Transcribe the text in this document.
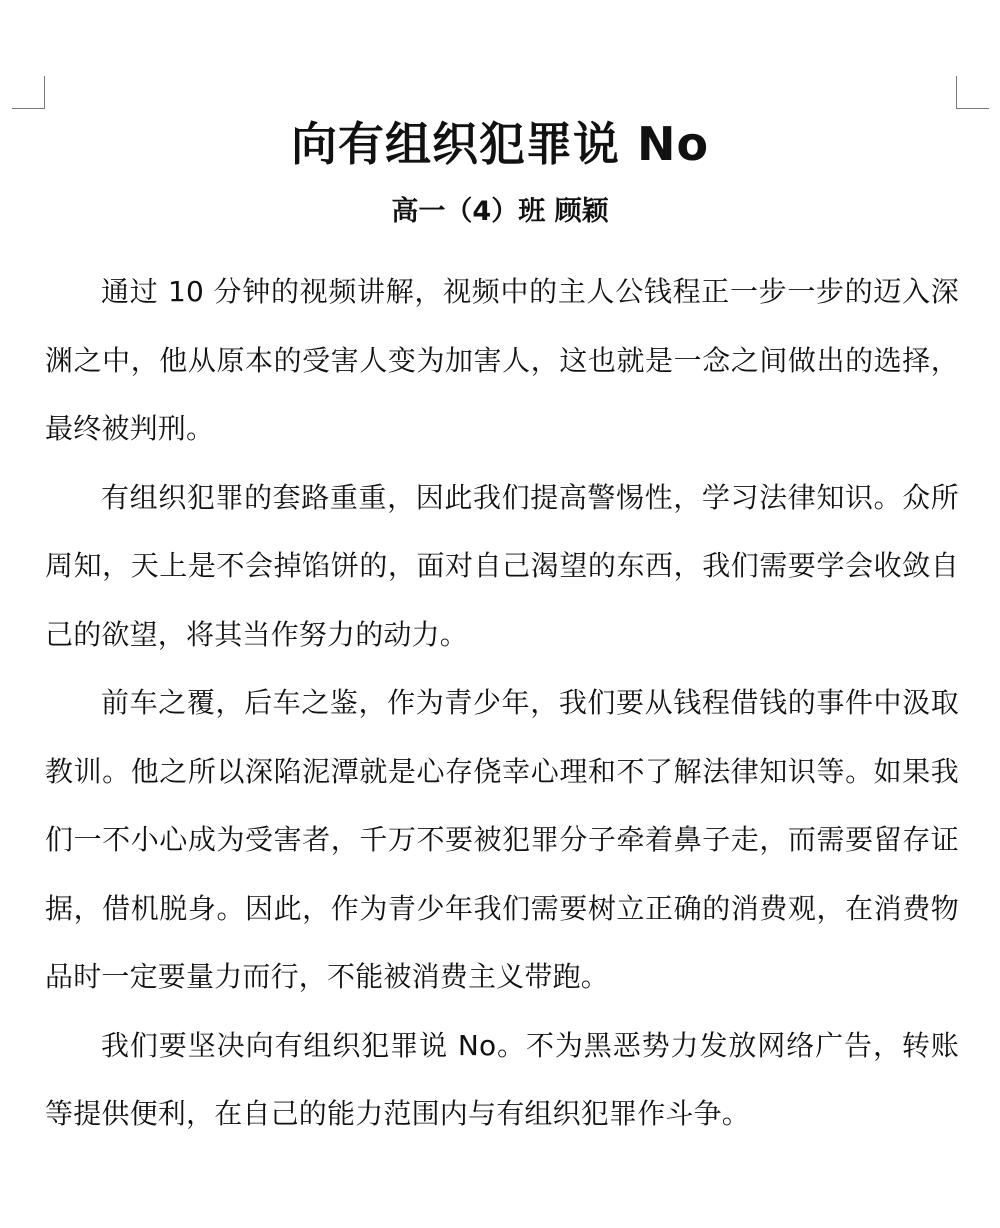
向有组织犯罪说 No
高一（4）班 顾颖

通过 10 分钟的视频讲解，视频中的主人公钱程正一步一步的迈入深渊之中，他从原本的受害人变为加害人，这也就是一念之间做出的选择，最终被判刑。

有组织犯罪的套路重重，因此我们提高警惕性，学习法律知识。众所周知，天上是不会掉馅饼的，面对自己渴望的东西，我们需要学会收敛自己的欲望，将其当作努力的动力。

前车之覆，后车之鉴，作为青少年，我们要从钱程借钱的事件中汲取教训。他之所以深陷泥潭就是心存侥幸心理和不了解法律知识等。如果我们一不小心成为受害者，千万不要被犯罪分子牵着鼻子走，而需要留存证据，借机脱身。因此，作为青少年我们需要树立正确的消费观，在消费物品时一定要量力而行，不能被消费主义带跑。

我们要坚决向有组织犯罪说 No。不为黑恶势力发放网络广告，转账等提供便利，在自己的能力范围内与有组织犯罪作斗争。
